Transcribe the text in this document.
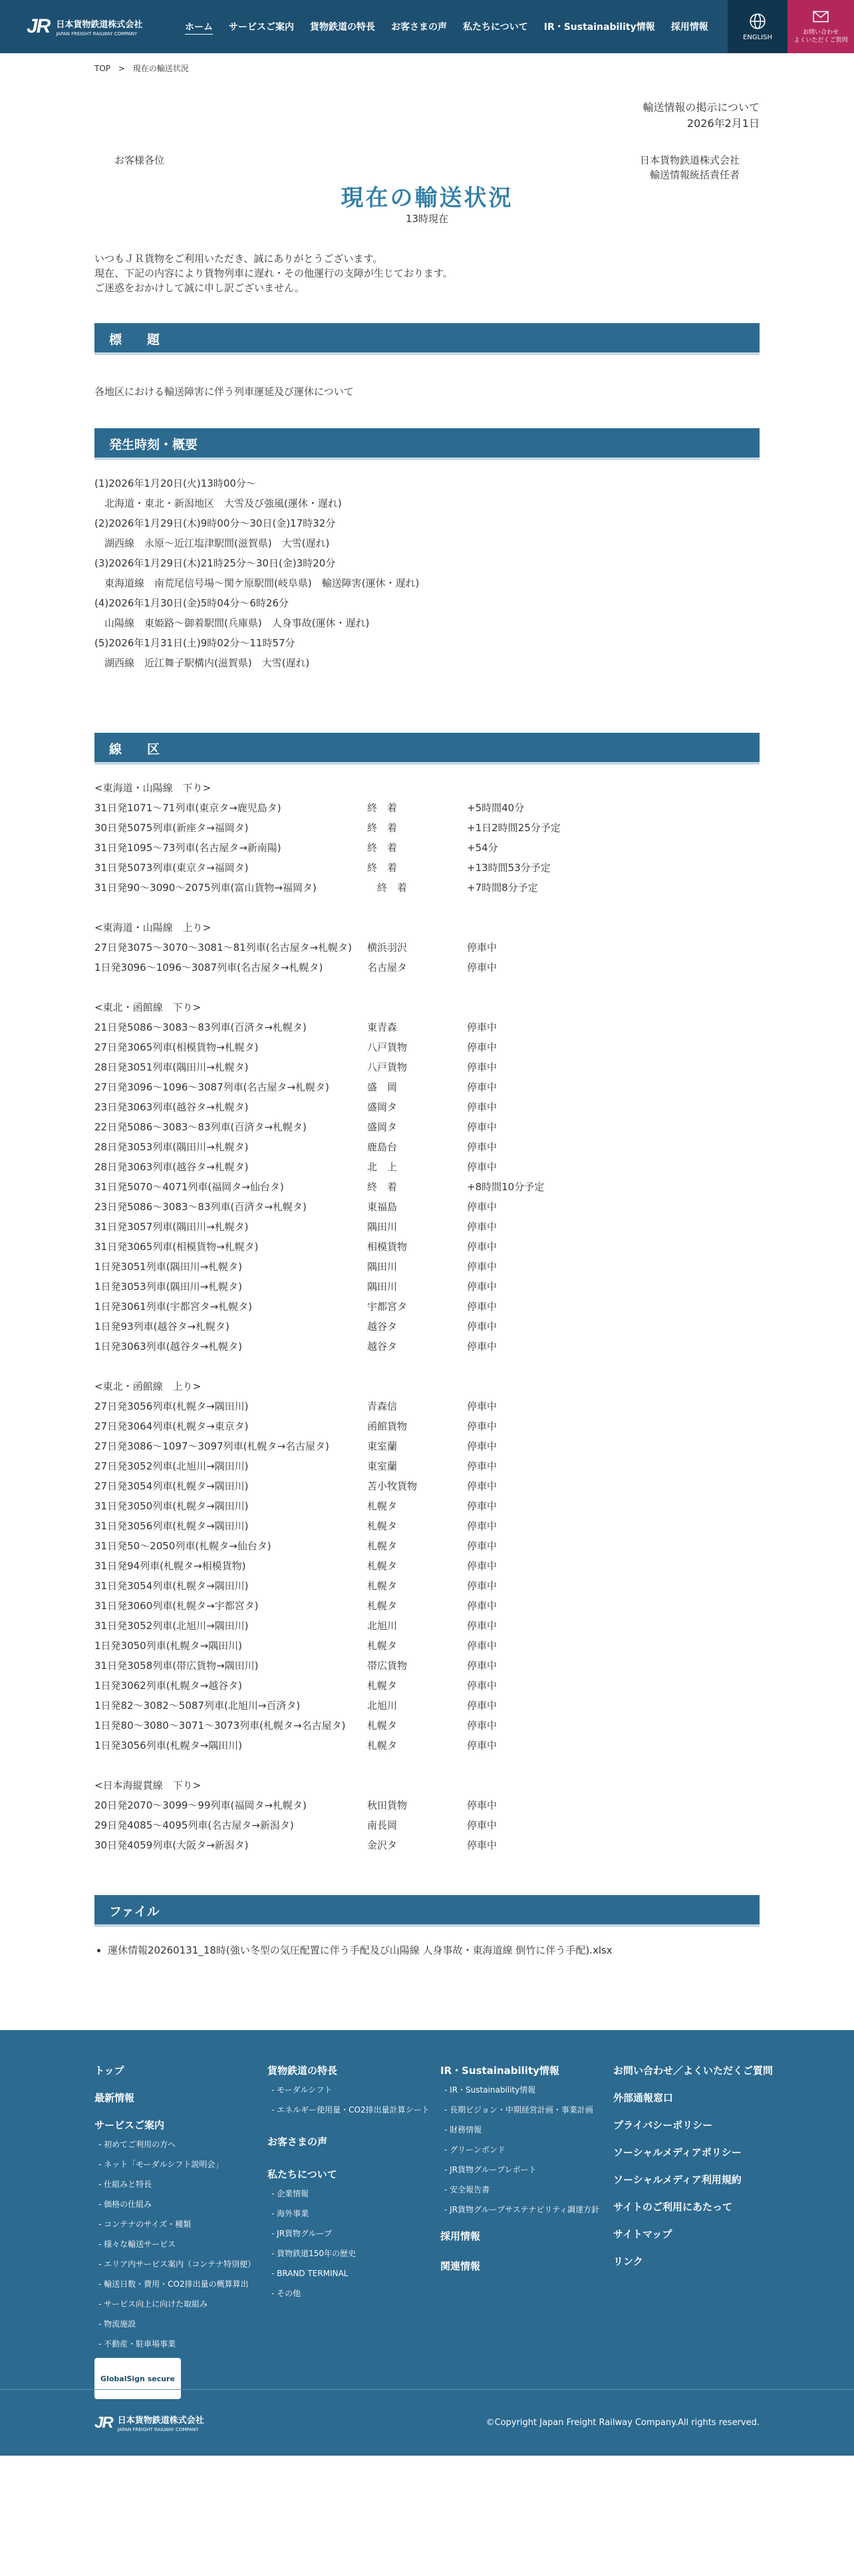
JR 日本貨物鉄道株式会社
JAPAN FREIGHT RAILWAY COMPANY
ホーム	サービスご案内	貨物鉄道の特長	お客さまの声	私たちについて	IR・Sustainability情報	採用情報
ENGLISH
お問い合わせ
よくいただくご質問
TOP > 現在の輸送状況
輸送情報の掲示について
2026年2月1日
お客様各位	日本貨物鉄道株式会社
輸送情報統括責任者
現在の輸送状況
13時現在
いつもＪＲ貨物をご利用いただき、誠にありがとうございます。
現在、下記の内容により貨物列車に遅れ・その他運行の支障が生じております。
ご迷惑をおかけして誠に申し訳ございません。
標　　題
各地区における輸送障害に伴う列車運延及び運休について
発生時刻・概要
(1)2026年1月20日(火)13時00分～
　北海道・東北・新潟地区　大雪及び強風(運休・遅れ)
(2)2026年1月29日(木)9時00分～30日(金)17時32分
　湖西線　永原～近江塩津駅間(滋賀県)　大雪(遅れ)
(3)2026年1月29日(木)21時25分～30日(金)3時20分
　東海道線　南荒尾信号場～関ケ原駅間(岐阜県)　輸送障害(運休・遅れ)
(4)2026年1月30日(金)5時04分～6時26分
　山陽線　東姫路～御着駅間(兵庫県)　人身事故(運休・遅れ)
(5)2026年1月31日(土)9時02分～11時57分
　湖西線　近江舞子駅構内(滋賀県)　大雪(遅れ)
線　　区
<東海道・山陽線　下り>
31日発1071～71列車(東京タ→鹿児島タ)	終　着	+5時間40分
30日発5075列車(新座タ→福岡タ)	終　着	+1日2時間25分予定
31日発1095～73列車(名古屋タ→新南陽)	終　着	+54分
31日発5073列車(東京タ→福岡タ)	終　着	+13時間53分予定
31日発90～3090～2075列車(富山貨物→福岡タ)	　終　着	+7時間8分予定
<東海道・山陽線　上り>
27日発3075～3070～3081～81列車(名古屋タ→札幌タ)	横浜羽沢	停車中
1日発3096～1096～3087列車(名古屋タ→札幌タ)	名古屋タ	停車中
<東北・函館線　下り>
21日発5086～3083～83列車(百済タ→札幌タ)	東青森	停車中
27日発3065列車(相模貨物→札幌タ)	八戸貨物	停車中
28日発3051列車(隅田川→札幌タ)	八戸貨物	停車中
27日発3096～1096～3087列車(名古屋タ→札幌タ)	盛　岡	停車中
23日発3063列車(越谷タ→札幌タ)	盛岡タ	停車中
22日発5086～3083～83列車(百済タ→札幌タ)	盛岡タ	停車中
28日発3053列車(隅田川→札幌タ)	鹿島台	停車中
28日発3063列車(越谷タ→札幌タ)	北　上	停車中
31日発5070～4071列車(福岡タ→仙台タ)	終　着	+8時間10分予定
23日発5086～3083～83列車(百済タ→札幌タ)	東福島	停車中
31日発3057列車(隅田川→札幌タ)	隅田川	停車中
31日発3065列車(相模貨物→札幌タ)	相模貨物	停車中
1日発3051列車(隅田川→札幌タ)	隅田川	停車中
1日発3053列車(隅田川→札幌タ)	隅田川	停車中
1日発3061列車(宇都宮タ→札幌タ)	宇都宮タ	停車中
1日発93列車(越谷タ→札幌タ)	越谷タ	停車中
1日発3063列車(越谷タ→札幌タ)	越谷タ	停車中
<東北・函館線　上り>
27日発3056列車(札幌タ→隅田川)	青森信	停車中
27日発3064列車(札幌タ→東京タ)	函館貨物	停車中
27日発3086～1097～3097列車(札幌タ→名古屋タ)	東室蘭	停車中
27日発3052列車(北旭川→隅田川)	東室蘭	停車中
27日発3054列車(札幌タ→隅田川)	苫小牧貨物	停車中
31日発3050列車(札幌タ→隅田川)	札幌タ	停車中
31日発3056列車(札幌タ→隅田川)	札幌タ	停車中
31日発50～2050列車(札幌タ→仙台タ)	札幌タ	停車中
31日発94列車(札幌タ→相模貨物)	札幌タ	停車中
31日発3054列車(札幌タ→隅田川)	札幌タ	停車中
31日発3060列車(札幌タ→宇都宮タ)	札幌タ	停車中
31日発3052列車(北旭川→隅田川)	北旭川	停車中
1日発3050列車(札幌タ→隅田川)	札幌タ	停車中
31日発3058列車(帯広貨物→隅田川)	帯広貨物	停車中
1日発3062列車(札幌タ→越谷タ)	札幌タ	停車中
1日発82～3082～5087列車(北旭川→百済タ)	北旭川	停車中
1日発80～3080～3071～3073列車(札幌タ→名古屋タ)	札幌タ	停車中
1日発3056列車(札幌タ→隅田川)	札幌タ	停車中
<日本海縦貫線　下り>
20日発2070～3099～99列車(福岡タ→札幌タ)	秋田貨物	停車中
29日発4085～4095列車(名古屋タ→新潟タ)	南長岡	停車中
30日発4059列車(大阪タ→新潟タ)	金沢タ	停車中
ファイル
• 運休情報20260131_18時(強い冬型の気圧配置に伴う手配及び山陽線 人身事故・東海道線 倒竹に伴う手配).xlsx
トップ
最新情報
サービスご案内
- 初めてご利用の方へ
- ネット「モーダルシフト説明会」
- 仕組みと特長
- 価格の仕組み
- コンテナのサイズ・種類
- 様々な輸送サービス
- エリア内サービス案内（コンテナ特別便）
- 輸送日数・費用・CO2排出量の概算算出
- サービス向上に向けた取組み
- 物流施設
- 不動産・駐車場事業
GlobalSign secure
貨物鉄道の特長
- モーダルシフト
- エネルギー使用量・CO2排出量計算シート
お客さまの声
私たちについて
- 企業情報
- 海外事業
- JR貨物グループ
- 貨物鉄道150年の歴史
- BRAND TERMINAL
- その他
IR・Sustainability情報
- IR・Sustainability情報
- 長期ビジョン・中期経営計画・事業計画
- 財務情報
- グリーンボンド
- JR貨物グループレポート
- 安全報告書
- JR貨物グループサステナビリティ調達方針
採用情報
関連情報
お問い合わせ／よくいただくご質問
外部通報窓口
プライバシーポリシー
ソーシャルメディアポリシー
ソーシャルメディア利用規約
サイトのご利用にあたって
サイトマップ
リンク
JR 日本貨物鉄道株式会社
JAPAN FREIGHT RAILWAY COMPANY
©Copyright Japan Freight Railway Company.All rights reserved.
